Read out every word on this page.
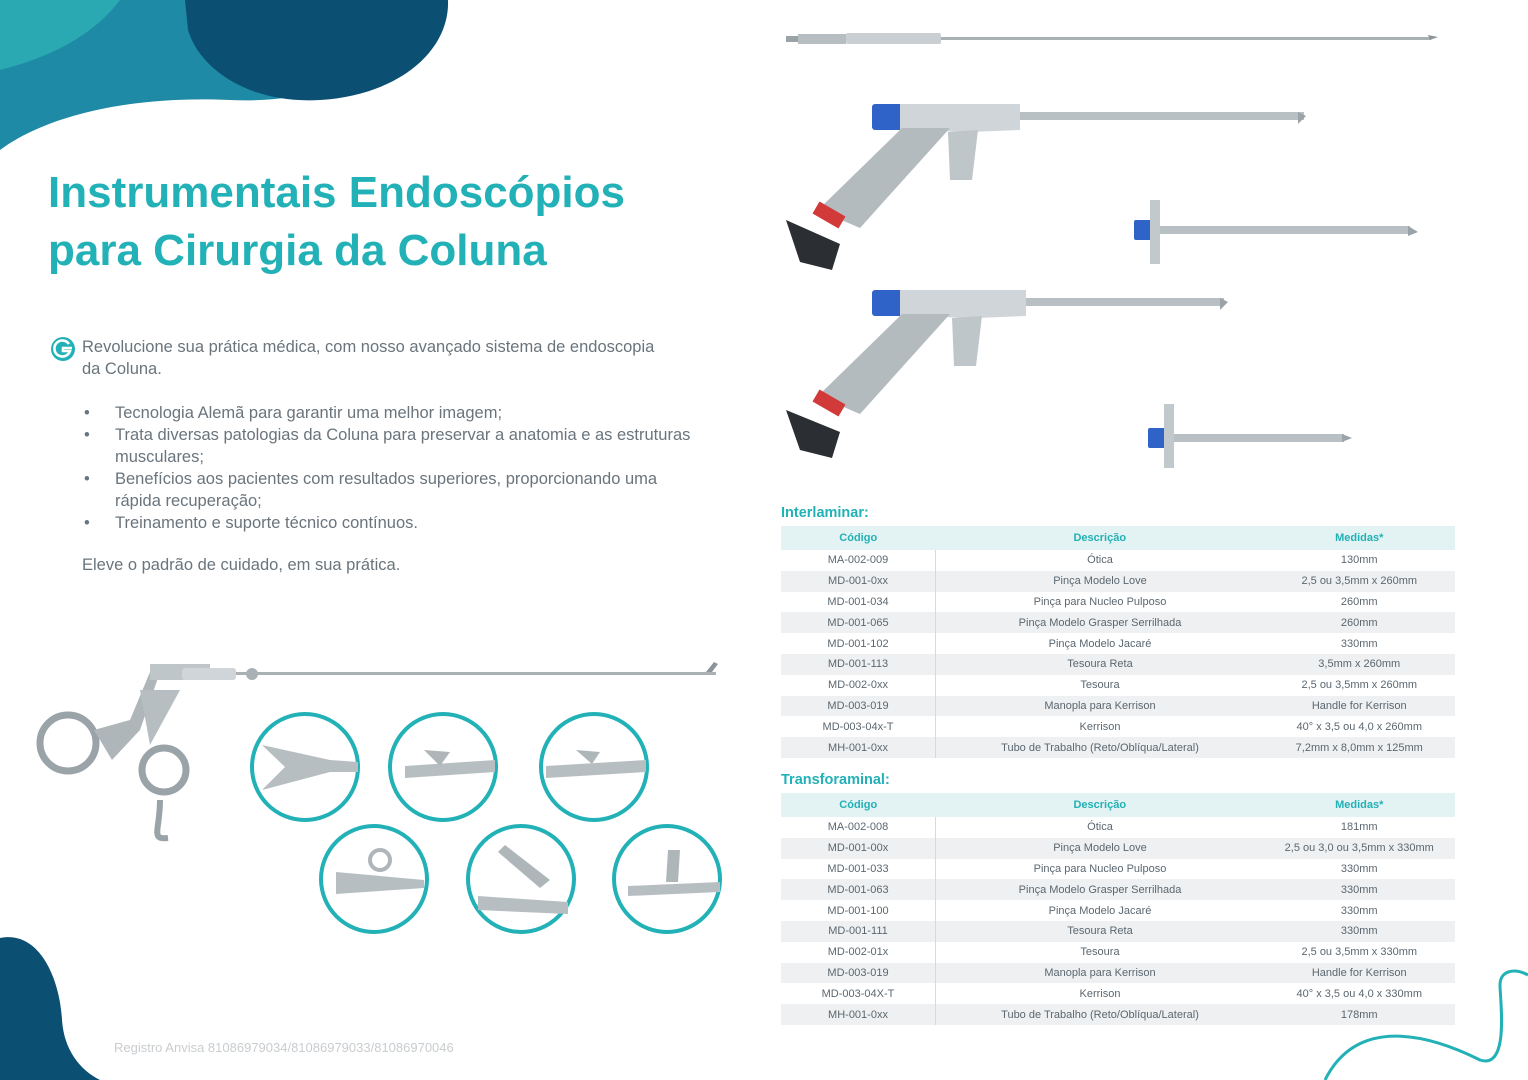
Instrumentais Endoscópios
para Cirurgia da Coluna
Revolucione sua prática médica, com nosso avançado sistema de endoscopia da Coluna.
• Tecnologia Alemã para garantir uma melhor imagem;
• Trata diversas patologias da Coluna para preservar a anatomia e as estruturas musculares;
• Benefícios aos pacientes com resultados superiores, proporcionando uma rápida recuperação;
• Treinamento e suporte técnico contínuos.
Eleve o padrão de cuidado, em sua prática.
Interlaminar:
Código	Descrição	Medidas*
MA-002-009	Ótica	130mm
MD-001-0xx	Pinça Modelo Love	2,5 ou 3,5mm x 260mm
MD-001-034	Pinça para Nucleo Pulposo	260mm
MD-001-065	Pinça Modelo Grasper Serrilhada	260mm
MD-001-102	Pinça Modelo Jacaré	330mm
MD-001-113	Tesoura Reta	3,5mm x 260mm
MD-002-0xx	Tesoura	2,5 ou 3,5mm x 260mm
MD-003-019	Manopla para Kerrison	Handle for Kerrison
MD-003-04x-T	Kerrison	40° x 3,5 ou 4,0 x 260mm
MH-001-0xx	Tubo de Trabalho (Reto/Oblíqua/Lateral)	7,2mm x 8,0mm x 125mm
Transforaminal:
Código	Descrição	Medidas*
MA-002-008	Ótica	181mm
MD-001-00x	Pinça Modelo Love	2,5 ou 3,0 ou 3,5mm x 330mm
MD-001-033	Pinça para Nucleo Pulposo	330mm
MD-001-063	Pinça Modelo Grasper Serrilhada	330mm
MD-001-100	Pinça Modelo Jacaré	330mm
MD-001-111	Tesoura Reta	330mm
MD-002-01x	Tesoura	2,5 ou 3,5mm x 330mm
MD-003-019	Manopla para Kerrison	Handle for Kerrison
MD-003-04X-T	Kerrison	40° x 3,5 ou 4,0 x 330mm
MH-001-0xx	Tubo de Trabalho (Reto/Oblíqua/Lateral)	178mm
Registro Anvisa 81086979034/81086979033/81086970046
